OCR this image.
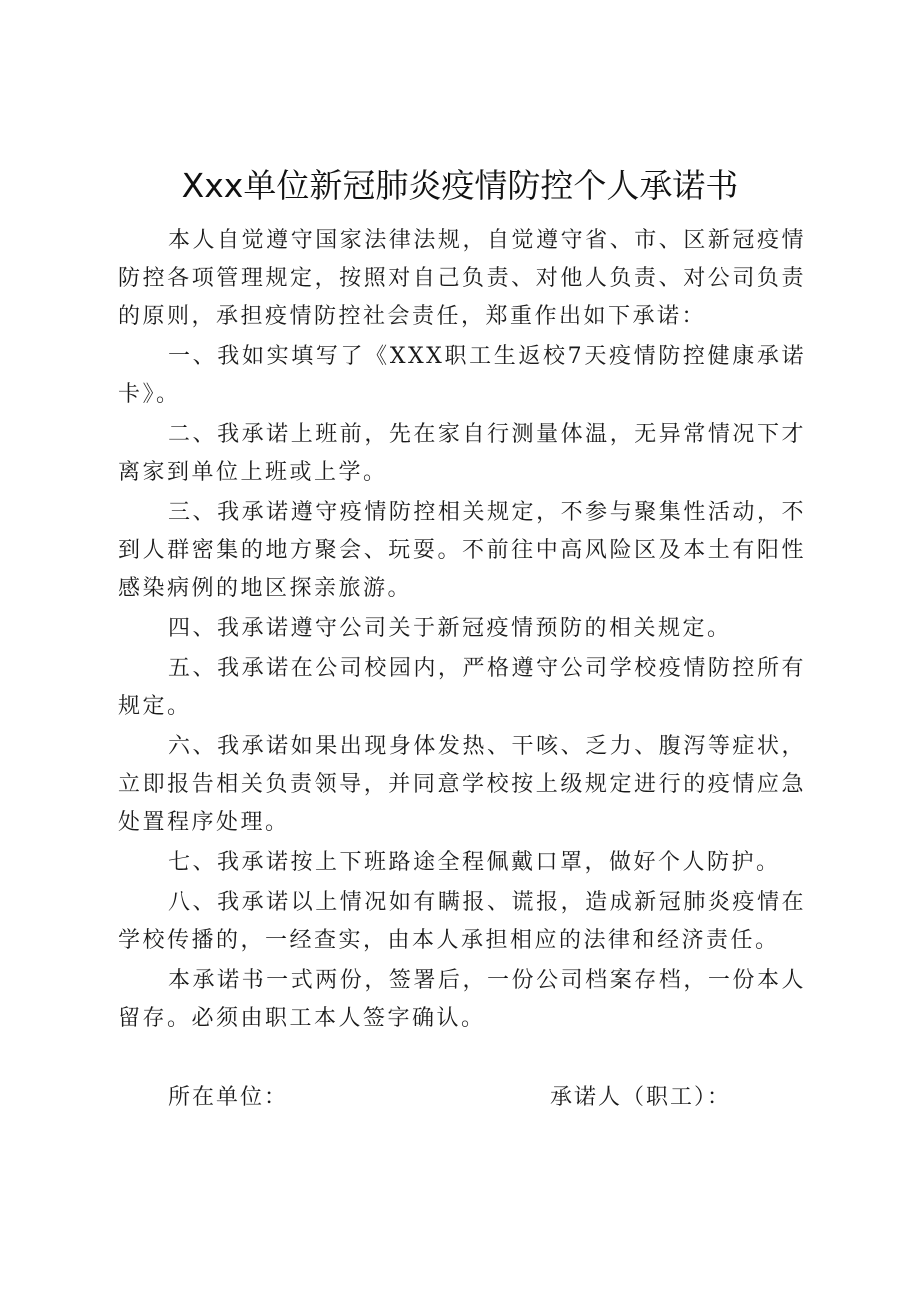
Xxx单位新冠肺炎疫情防控个人承诺书

本人自觉遵守国家法律法规，自觉遵守省、市、区新冠疫情防控各项管理规定，按照对自己负责、对他人负责、对公司负责的原则，承担疫情防控社会责任，郑重作出如下承诺：

一、我如实填写了《XXX职工生返校7天疫情防控健康承诺卡》。

二、我承诺上班前，先在家自行测量体温，无异常情况下才离家到单位上班或上学。

三、我承诺遵守疫情防控相关规定，不参与聚集性活动，不到人群密集的地方聚会、玩耍。不前往中高风险区及本土有阳性感染病例的地区探亲旅游。

四、我承诺遵守公司关于新冠疫情预防的相关规定。

五、我承诺在公司校园内，严格遵守公司学校疫情防控所有规定。

六、我承诺如果出现身体发热、干咳、乏力、腹泻等症状，立即报告相关负责领导，并同意学校按上级规定进行的疫情应急处置程序处理。

七、我承诺按上下班路途全程佩戴口罩，做好个人防护。

八、我承诺以上情况如有瞒报、谎报，造成新冠肺炎疫情在学校传播的，一经查实，由本人承担相应的法律和经济责任。

本承诺书一式两份，签署后，一份公司档案存档，一份本人留存。必须由职工本人签字确认。

所在单位：	承诺人（职工）：
